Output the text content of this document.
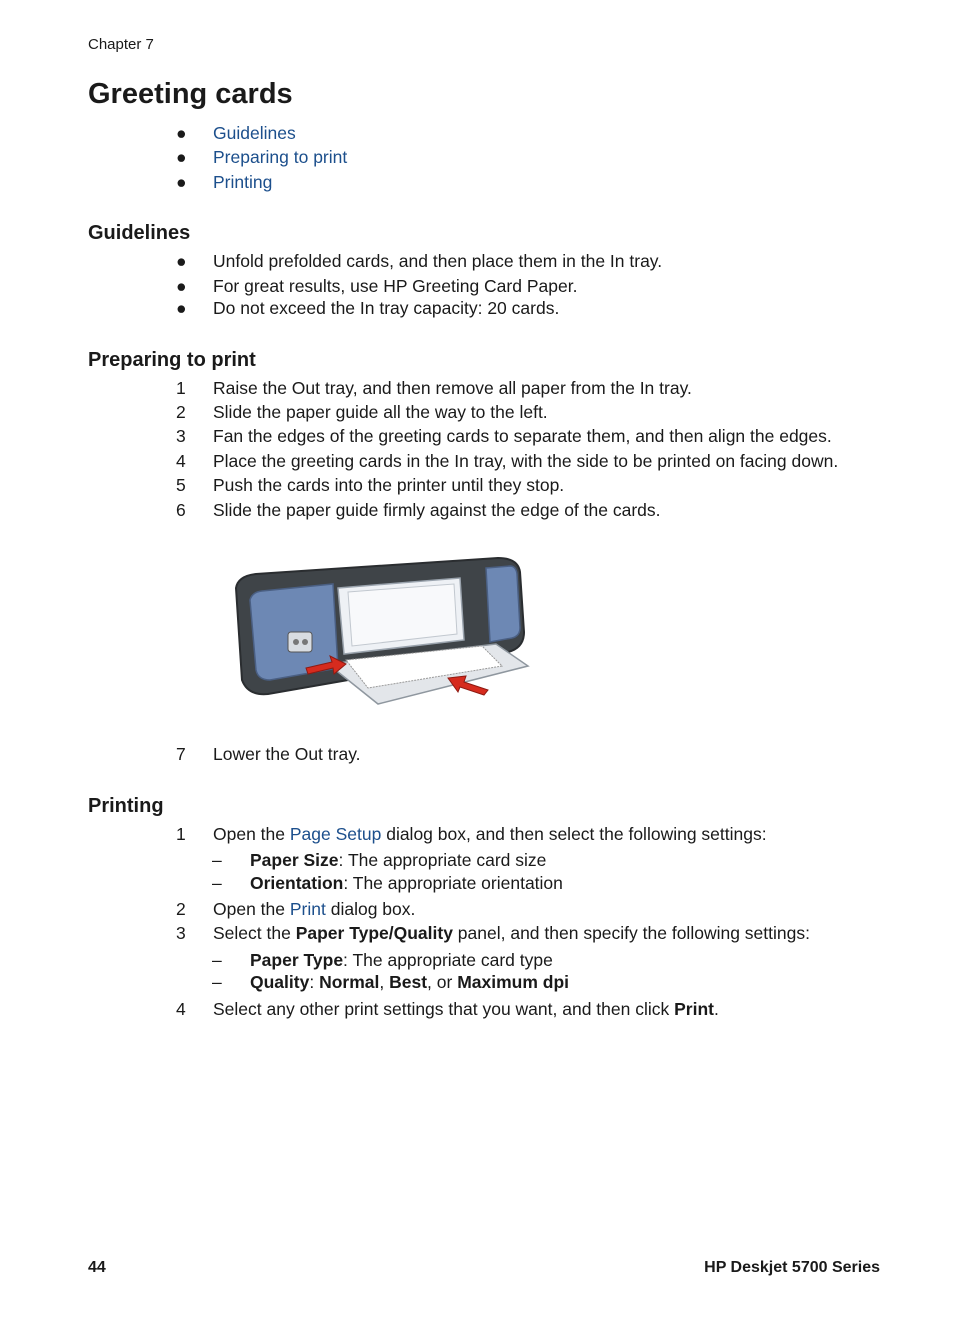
Chapter 7
Greeting cards
● Guidelines
● Preparing to print
● Printing
Guidelines
● Unfold prefolded cards, and then place them in the In tray.
● For great results, use HP Greeting Card Paper.
● Do not exceed the In tray capacity: 20 cards.
Preparing to print
1 Raise the Out tray, and then remove all paper from the In tray.
2 Slide the paper guide all the way to the left.
3 Fan the edges of the greeting cards to separate them, and then align the edges.
4 Place the greeting cards in the In tray, with the side to be printed on facing down.
5 Push the cards into the printer until they stop.
6 Slide the paper guide firmly against the edge of the cards.
7 Lower the Out tray.
Printing
1 Open the Page Setup dialog box, and then select the following settings:
– Paper Size: The appropriate card size
– Orientation: The appropriate orientation
2 Open the Print dialog box.
3 Select the Paper Type/Quality panel, and then specify the following settings:
– Paper Type: The appropriate card type
– Quality: Normal, Best, or Maximum dpi
4 Select any other print settings that you want, and then click Print.
44	HP Deskjet 5700 Series
